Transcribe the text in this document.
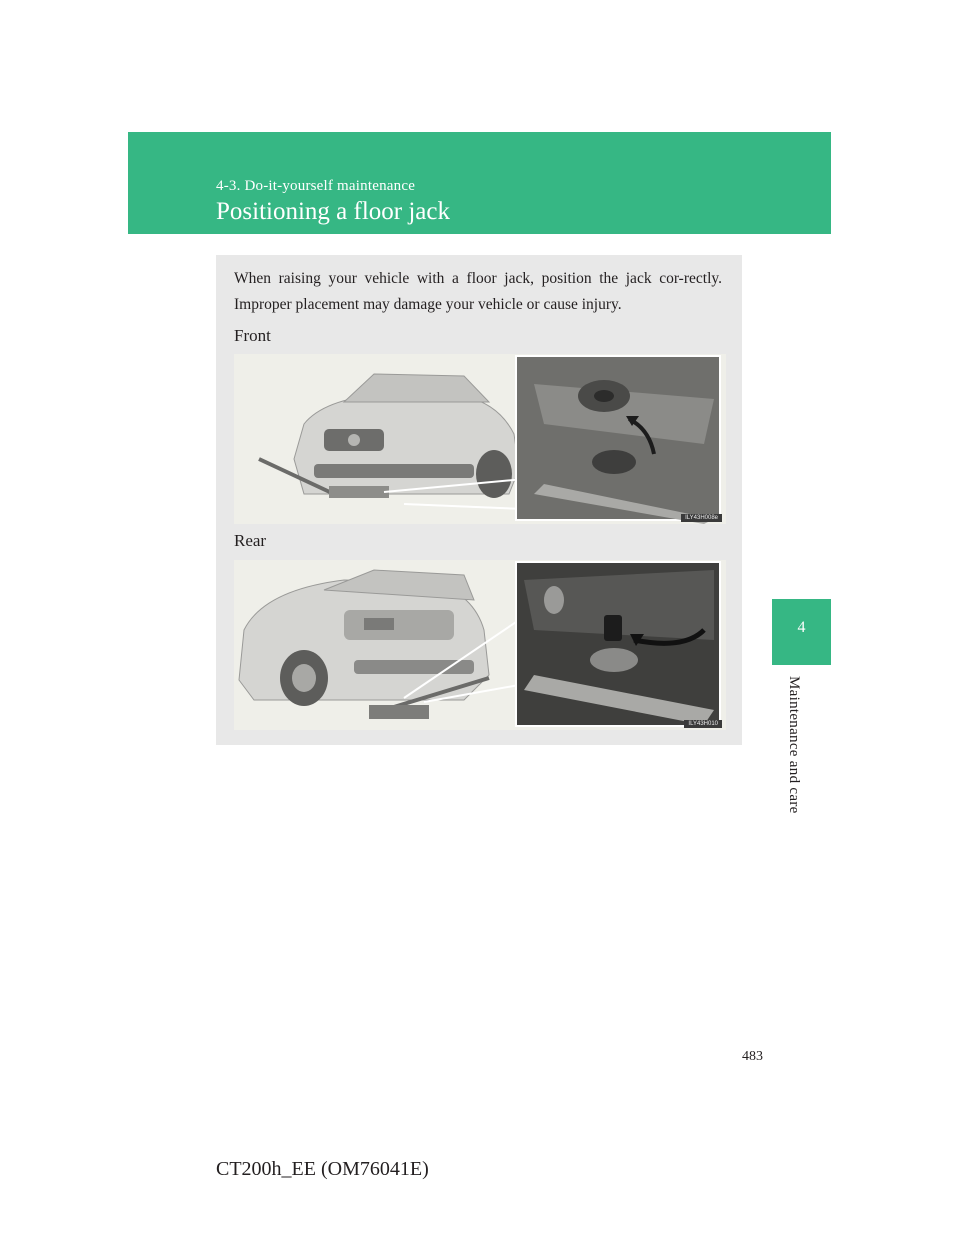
4-3. Do-it-yourself maintenance
Positioning a floor jack
4
Maintenance and care

When raising your vehicle with a floor jack, position the jack cor-rectly. Improper placement may damage your vehicle or cause injury.

Front
ILY43H008e
Rear
ILY43H010
483
CT200h_EE (OM76041E)
